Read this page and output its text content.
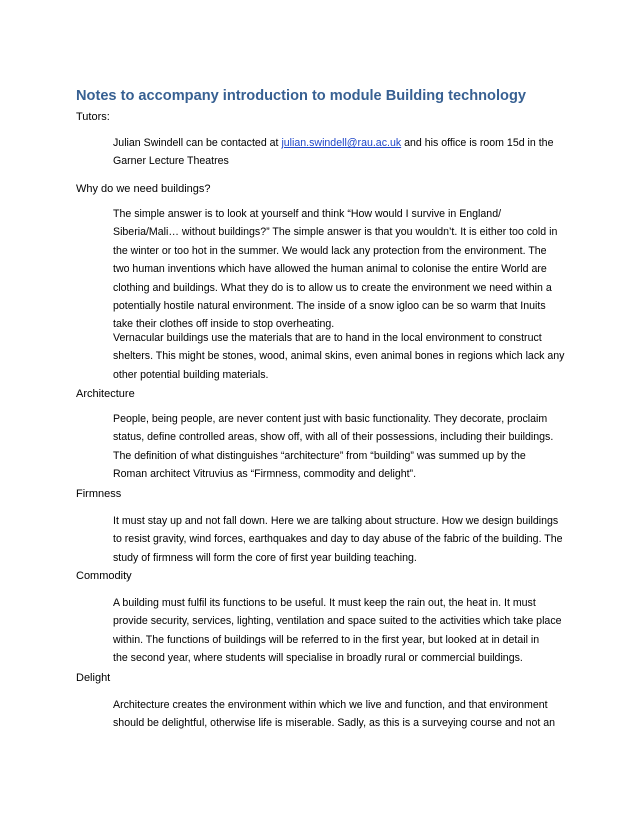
Notes to accompany introduction to module Building technology

Tutors:

Julian Swindell can be contacted at julian.swindell@rau.ac.uk and his office is room 15d in the
Garner Lecture Theatres

Why do we need buildings?

The simple answer is to look at yourself and think “How would I survive in England/
Siberia/Mali… without buildings?” The simple answer is that you wouldn’t. It is either too cold in
the winter or too hot in the summer. We would lack any protection from the environment. The
two human inventions which have allowed the human animal to colonise the entire World are
clothing and buildings. What they do is to allow us to create the environment we need within a
potentially hostile natural environment. The inside of a snow igloo can be so warm that Inuits
take their clothes off inside to stop overheating.
Vernacular buildings use the materials that are to hand in the local environment to construct
shelters. This might be stones, wood, animal skins, even animal bones in regions which lack any
other potential building materials.

Architecture

People, being people, are never content just with basic functionality. They decorate, proclaim
status, define controlled areas, show off, with all of their possessions, including their buildings.
The definition of what distinguishes “architecture” from “building” was summed up by the
Roman architect Vitruvius as “Firmness, commodity and delight”.

Firmness

It must stay up and not fall down. Here we are talking about structure. How we design buildings
to resist gravity, wind forces, earthquakes and day to day abuse of the fabric of the building. The
study of firmness will form the core of first year building teaching.

Commodity

A building must fulfil its functions to be useful. It must keep the rain out, the heat in. It must
provide security, services, lighting, ventilation and space suited to the activities which take place
within. The functions of buildings will be referred to in the first year, but looked at in detail in
the second year, where students will specialise in broadly rural or commercial buildings.

Delight

Architecture creates the environment within which we live and function, and that environment
should be delightful, otherwise life is miserable. Sadly, as this is a surveying course and not an
